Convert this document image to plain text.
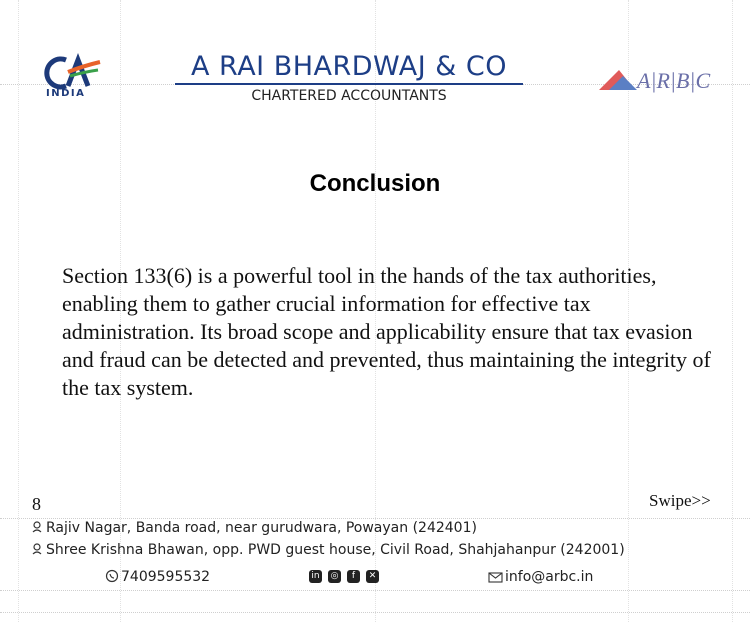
INDIA
A RAI BHARDWAJ & CO
CHARTERED ACCOUNTANTS
A|R|B|C
Conclusion
Section 133(6) is a powerful tool in the hands of the tax authorities, enabling them to gather crucial information for effective tax administration. Its broad scope and applicability ensure that tax evasion and fraud can be detected and prevented, thus maintaining the integrity of the tax system.
8	Swipe>>
Rajiv Nagar, Banda road, near gurudwara, Powayan (242401)
Shree Krishna Bhawan, opp. PWD guest house, Civil Road, Shahjahanpur (242001)
7409595532	in ◎	f	✕	info@arbc.in
